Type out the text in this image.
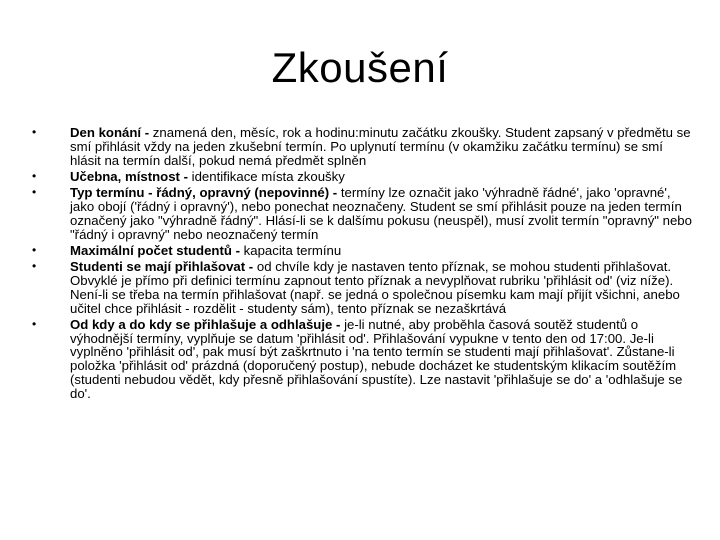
Zkoušení
•	Den konání - znamená den, měsíc, rok a hodinu:minutu začátku zkoušky. Student zapsaný v předmětu se smí přihlásit vždy na jeden zkušební termín. Po uplynutí termínu (v okamžiku začátku termínu) se smí hlásit na termín další, pokud nemá předmět splněn
•	Učebna, místnost - identifikace místa zkoušky
•	Typ termínu - řádný, opravný (nepovinné) - termíny lze označit jako 'výhradně řádné', jako 'opravné', jako obojí ('řádný i opravný'), nebo ponechat neoznačeny. Student se smí přihlásit pouze na jeden termín označený jako "výhradně řádný". Hlásí-li se k dalšímu pokusu (neuspěl), musí zvolit termín "opravný" nebo "řádný i opravný" nebo neoznačený termín
•	Maximální počet studentů - kapacita termínu
•	Studenti se mají přihlašovat - od chvíle kdy je nastaven tento příznak, se mohou studenti přihlašovat. Obvyklé je přímo při definici termínu zapnout tento příznak a nevyplňovat rubriku 'přihlásit od' (viz níže). Není-li se třeba na termín přihlašovat (např. se jedná o společnou písemku kam mají přijít všichni, anebo učitel chce přihlásit - rozdělit - studenty sám), tento příznak se nezaškrtává
•	Od kdy a do kdy se přihlašuje a odhlašuje - je-li nutné, aby proběhla časová soutěž studentů o výhodnější termíny, vyplňuje se datum 'přihlásit od'. Přihlašování vypukne v tento den od 17:00. Je-li vyplněno 'přihlásit od', pak musí být zaškrtnuto i 'na tento termín se studenti mají přihlašovat'. Zůstane-li položka 'přihlásit od' prázdná (doporučený postup), nebude docházet ke studentským klikacím soutěžím (studenti nebudou vědět, kdy přesně přihlašování spustíte). Lze nastavit 'přihlašuje se do' a 'odhlašuje se do'.
